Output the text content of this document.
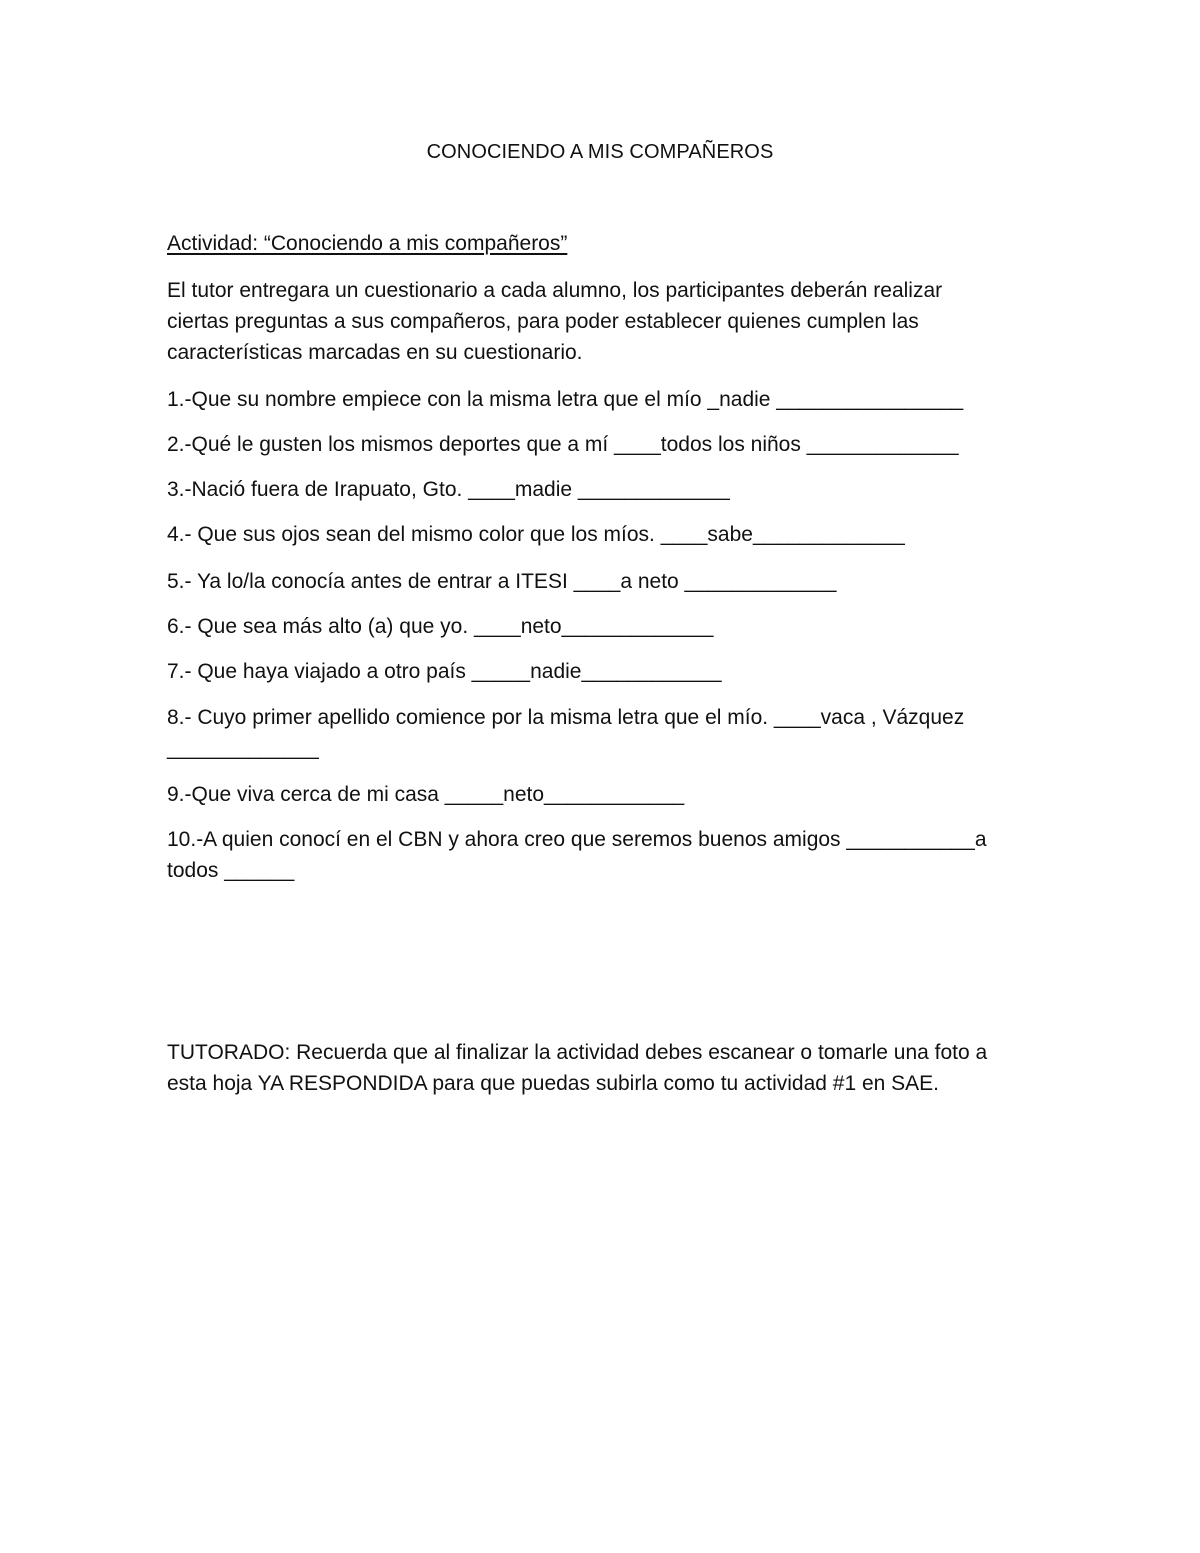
CONOCIENDO A MIS COMPAÑEROS

Actividad: “Conociendo a mis compañeros”

El tutor entregara un cuestionario a cada alumno, los participantes deberán realizar ciertas preguntas a sus compañeros, para poder establecer quienes cumplen las características marcadas en su cuestionario.

1.-Que su nombre empiece con la misma letra que el mío _nadie ________________

2.-Qué le gusten los mismos deportes que a mí ____todos los niños _____________

3.-Nació fuera de Irapuato, Gto. ____madie _____________

4.- Que sus ojos sean del mismo color que los míos. ____sabe_____________

5.- Ya lo/la conocía antes de entrar a ITESI ____a neto _____________

6.- Que sea más alto (a) que yo. ____neto_____________

7.- Que haya viajado a otro país _____nadie____________

8.- Cuyo primer apellido comience por la misma letra que el mío. ____vaca , Vázquez _____________

9.-Que viva cerca de mi casa _____neto____________

10.-A quien conocí en el CBN y ahora creo que seremos buenos amigos ___________a todos ______

TUTORADO: Recuerda que al finalizar la actividad debes escanear o tomarle una foto a esta hoja YA RESPONDIDA para que puedas subirla como tu actividad #1 en SAE.
